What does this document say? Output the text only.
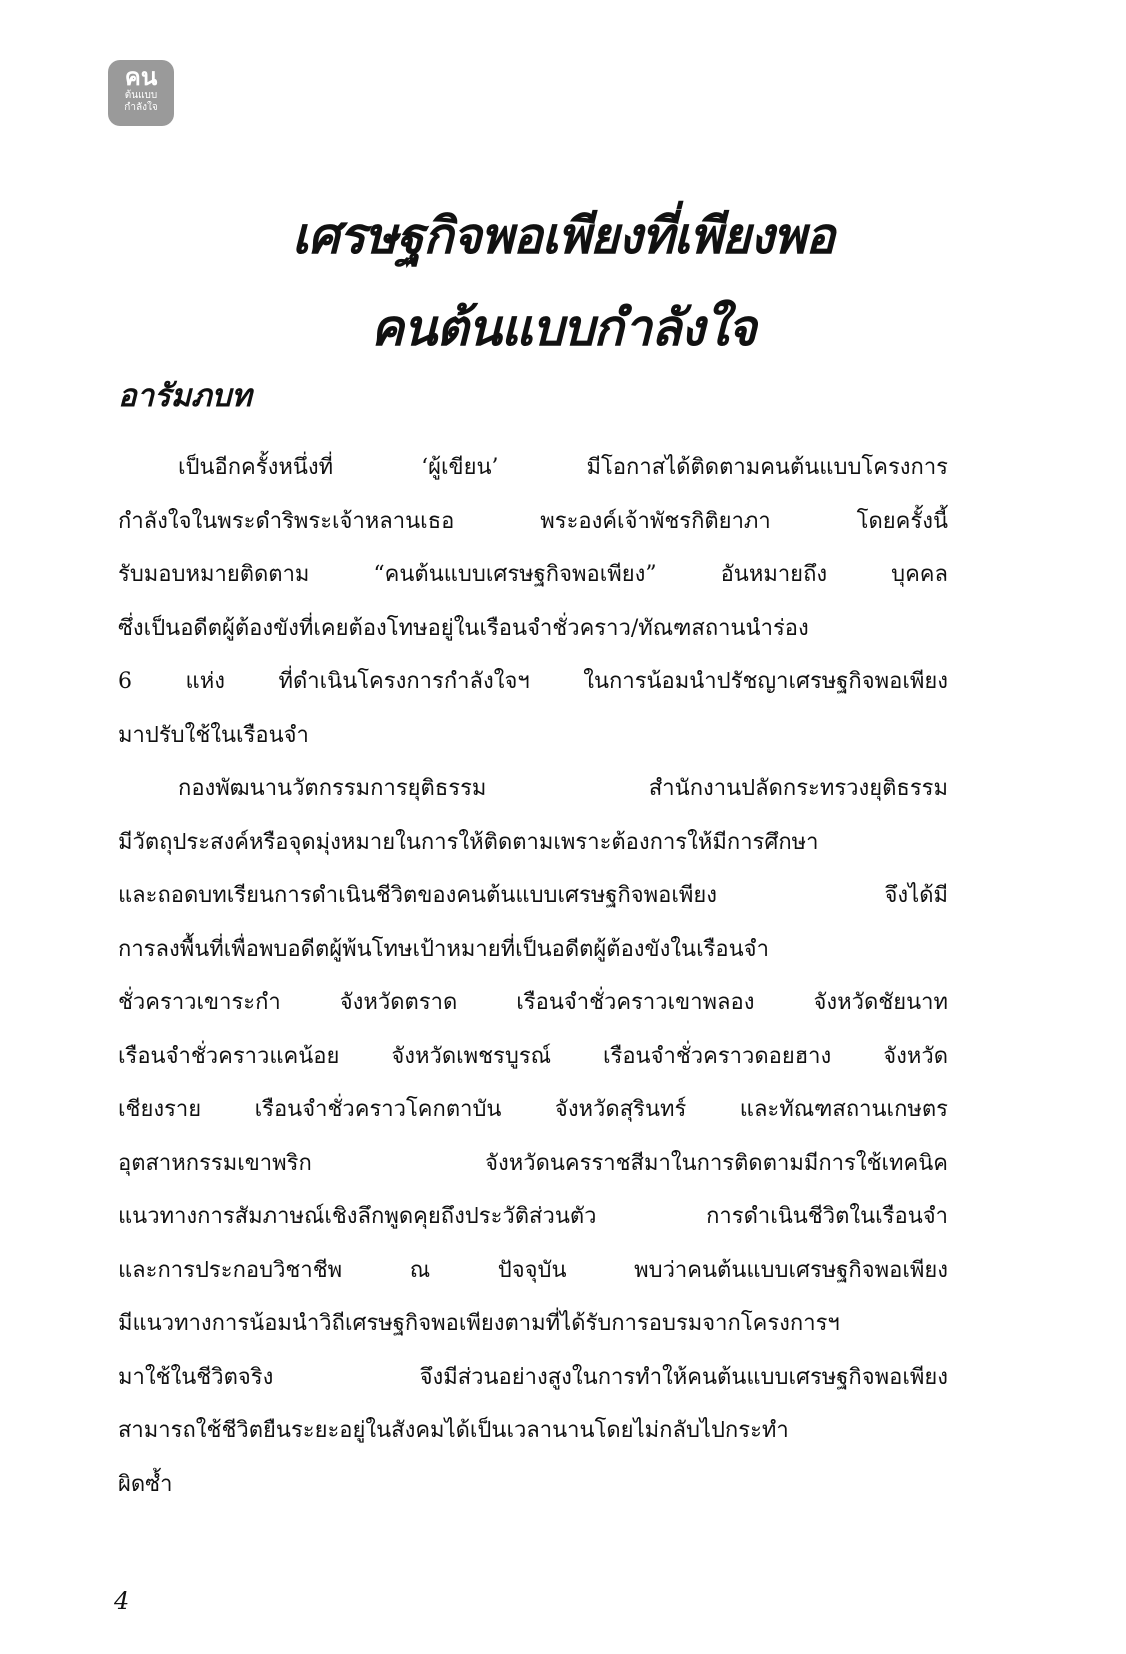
คน
ต้นแบบ
กำลังใจ
เศรษฐกิจพอเพียงที่เพียงพอ
คนต้นแบบกำลังใจ
อารัมภบท
เป็นอีกครั้งหนึ่งที่ ‘ผู้เขียน’ มีโอกาสได้ติดตามคนต้นแบบโครงการ
กำลังใจในพระดำริพระเจ้าหลานเธอ พระองค์เจ้าพัชรกิติยาภา โดยครั้งนี้
รับมอบหมายติดตาม “คนต้นแบบเศรษฐกิจพอเพียง” อันหมายถึง บุคคล
ซึ่งเป็นอดีตผู้ต้องขังที่เคยต้องโทษอยู่ในเรือนจำชั่วคราว/ทัณฑสถานนำร่อง
6 แห่ง ที่ดำเนินโครงการกำลังใจฯ ในการน้อมนำปรัชญาเศรษฐกิจพอเพียง
มาปรับใช้ในเรือนจำ
กองพัฒนานวัตกรรมการยุติธรรม สำนักงานปลัดกระทรวงยุติธรรม
มีวัตถุประสงค์หรือจุดมุ่งหมายในการให้ติดตามเพราะต้องการให้มีการศึกษา
และถอดบทเรียนการดำเนินชีวิตของคนต้นแบบเศรษฐกิจพอเพียง จึงได้มี
การลงพื้นที่เพื่อพบอดีตผู้พ้นโทษเป้าหมายที่เป็นอดีตผู้ต้องขังในเรือนจำ
ชั่วคราวเขาระกำ จังหวัดตราด เรือนจำชั่วคราวเขาพลอง จังหวัดชัยนาท
เรือนจำชั่วคราวแคน้อย จังหวัดเพชรบูรณ์ เรือนจำชั่วคราวดอยฮาง จังหวัด
เชียงราย เรือนจำชั่วคราวโคกตาบัน จังหวัดสุรินทร์ และทัณฑสถานเกษตร
อุตสาหกรรมเขาพริก จังหวัดนครราชสีมาในการติดตามมีการใช้เทคนิค
แนวทางการสัมภาษณ์เชิงลึกพูดคุยถึงประวัติส่วนตัว การดำเนินชีวิตในเรือนจำ
และการประกอบวิชาชีพ ณ ปัจจุบัน พบว่าคนต้นแบบเศรษฐกิจพอเพียง
มีแนวทางการน้อมนำวิถีเศรษฐกิจพอเพียงตามที่ได้รับการอบรมจากโครงการฯ
มาใช้ในชีวิตจริง จึงมีส่วนอย่างสูงในการทำให้คนต้นแบบเศรษฐกิจพอเพียง
สามารถใช้ชีวิตยืนระยะอยู่ในสังคมได้เป็นเวลานานโดยไม่กลับไปกระทำ
ผิดซ้ำ
4
